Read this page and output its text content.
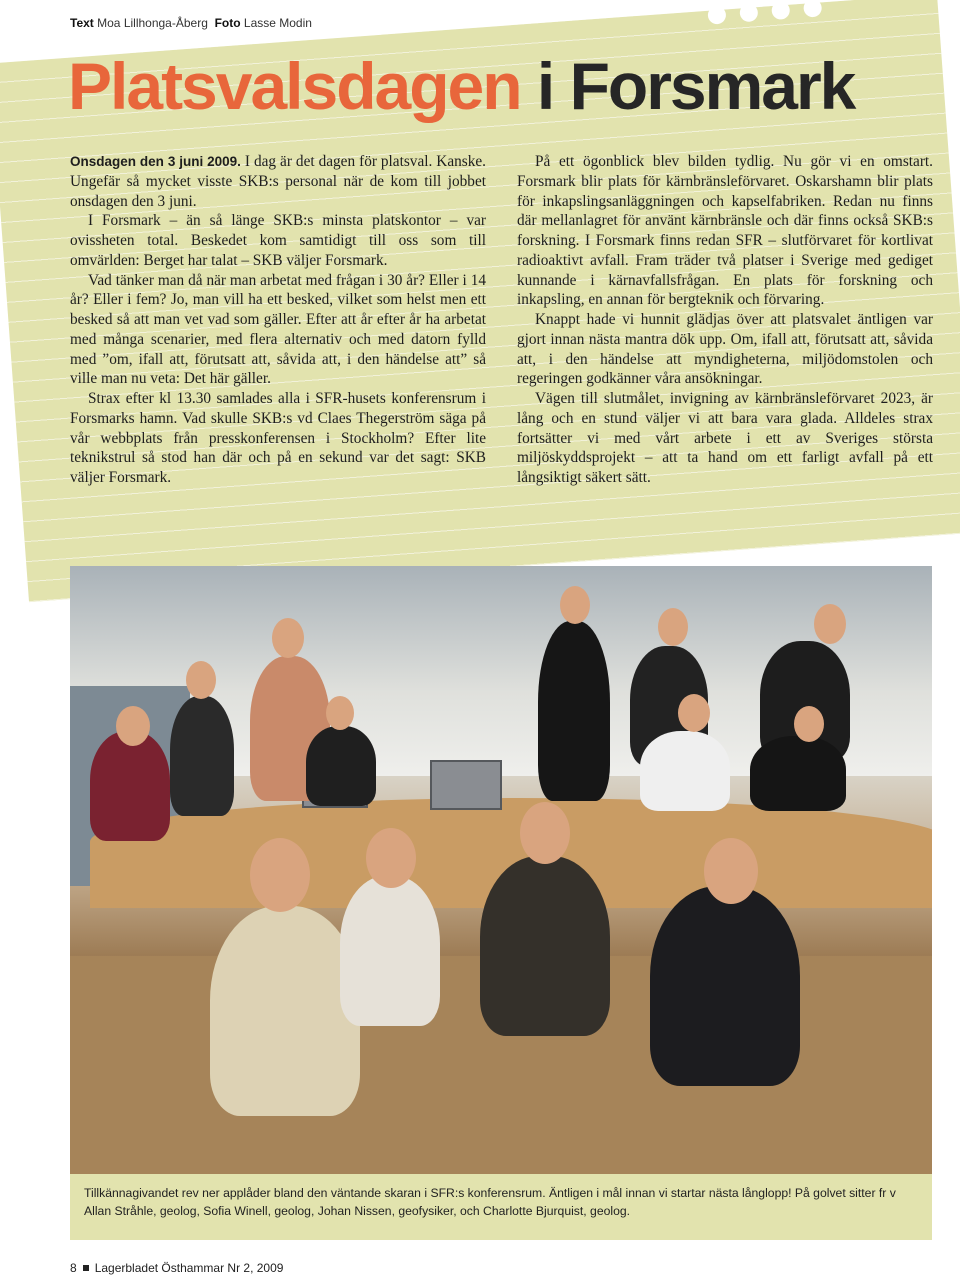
Text Moa Lillhonga-Åberg Foto Lasse Modin
Platsvalsdagen i Forsmark

Onsdagen den 3 juni 2009. I dag är det dagen för platsval. Kanske. Ungefär så mycket visste SKB:s personal när de kom till jobbet onsdagen den 3 juni.

I Forsmark – än så länge SKB:s minsta platskontor – var ovissheten total. Beskedet kom samtidigt till oss som till omvärlden: Berget har talat – SKB väljer Forsmark.

Vad tänker man då när man arbetat med frågan i 30 år? Eller i 14 år? Eller i fem? Jo, man vill ha ett besked, vilket som helst men ett besked så att man vet vad som gäller. Efter att år efter år ha arbetat med många scenarier, med flera alternativ och med datorn fylld med ”om, ifall att, förutsatt att, såvida att, i den händelse att” så ville man nu veta: Det här gäller.

Strax efter kl 13.30 samlades alla i SFR-husets konferensrum i Forsmarks hamn. Vad skulle SKB:s vd Claes Thegerström säga på vår webbplats från presskonferensen i Stockholm? Efter lite teknikstrul så stod han där och på en sekund var det sagt: SKB väljer Forsmark.

På ett ögonblick blev bilden tydlig. Nu gör vi en omstart. Forsmark blir plats för kärnbränsleförvaret. Oskarshamn blir plats för inkapslingsanläggningen och kapselfabriken. Redan nu finns där mellanlagret för använt kärnbränsle och där finns också SKB:s forskning. I Forsmark finns redan SFR – slutförvaret för kortlivat radioaktivt avfall. Fram träder två platser i Sverige med gediget kunnande i kärnavfallsfrågan. En plats för forskning och inkapsling, en annan för bergteknik och förvaring.

Knappt hade vi hunnit glädjas över att platsvalet äntligen var gjort innan nästa mantra dök upp. Om, ifall att, förutsatt att, såvida att, i den händelse att myndigheterna, miljödomstolen och regeringen godkänner våra ansökningar.

Vägen till slutmålet, invigning av kärnbränsleförvaret 2023, är lång och en stund väljer vi att bara vara glada. Alldeles strax fortsätter vi med vårt arbete i ett av Sveriges största miljöskyddsprojekt – att ta hand om ett farligt avfall på ett långsiktigt säkert sätt.

Tillkännagivandet rev ner applåder bland den väntande skaran i SFR:s konferensrum. Äntligen i mål innan vi startar nästa långlopp! På golvet sitter fr v Allan Stråhle, geolog, Sofia Winell, geolog, Johan Nissen, geofysiker, och Charlotte Bjurquist, geolog.
8 Lagerbladet Östhammar Nr 2, 2009
